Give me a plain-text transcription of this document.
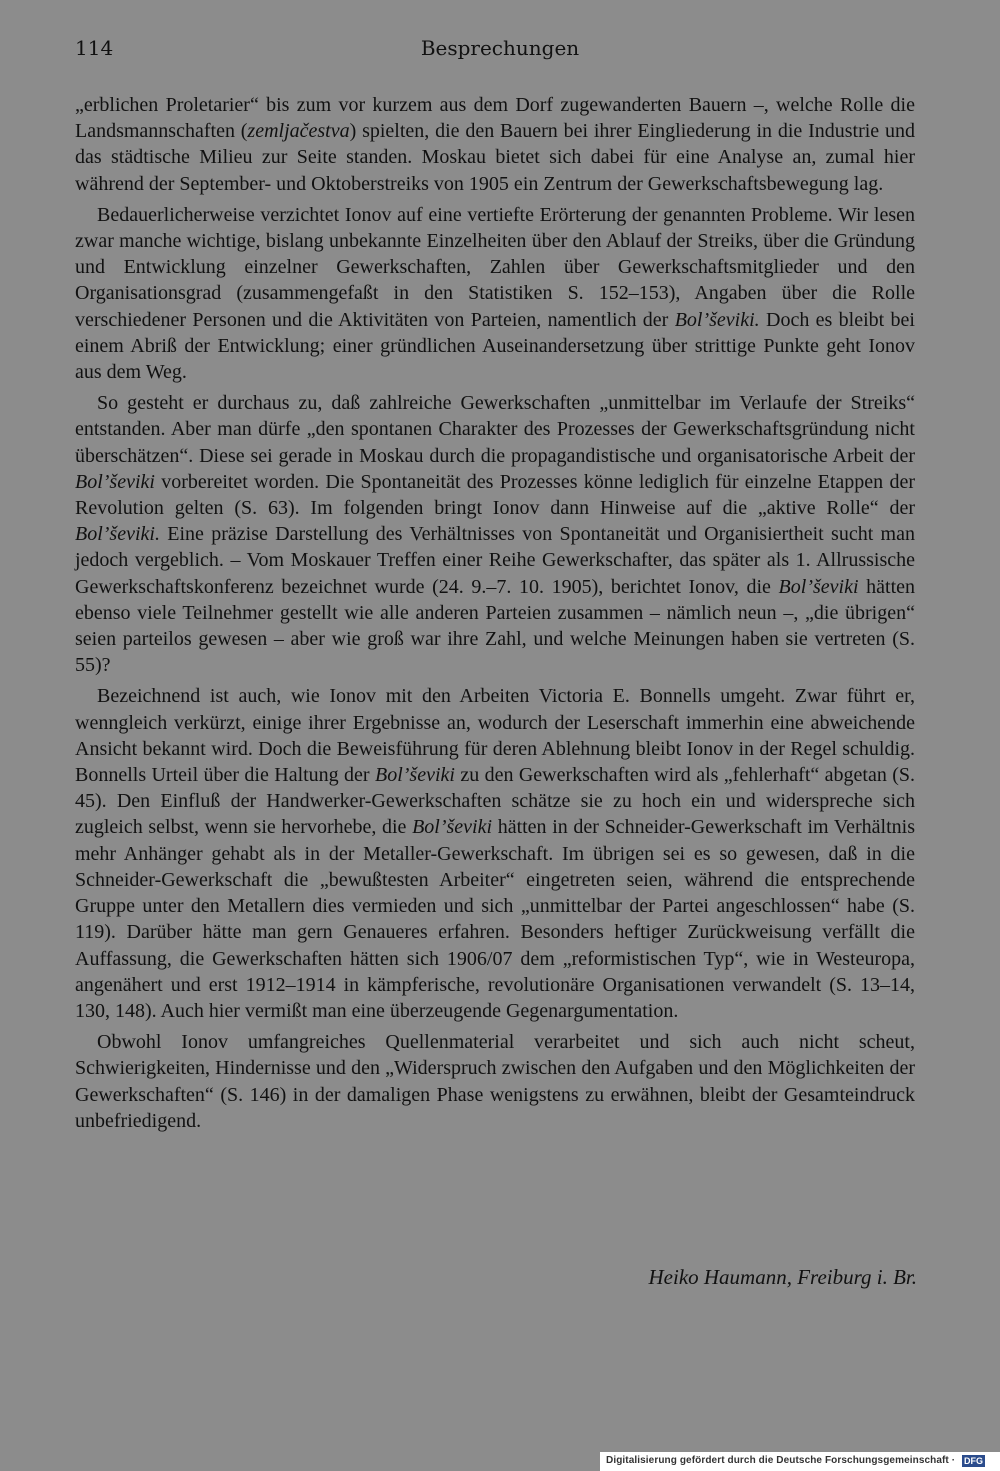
114	Besprechungen

„erblichen Proletarier“ bis zum vor kurzem aus dem Dorf zugewanderten Bauern –, welche Rolle die Landsmannschaften (zemljačestva) spielten, die den Bauern bei ihrer Eingliederung in die Industrie und das städtische Milieu zur Seite standen. Moskau bietet sich dabei für eine Analyse an, zumal hier während der September- und Oktoberstreiks von 1905 ein Zentrum der Gewerkschaftsbewegung lag.

Bedauerlicherweise verzichtet Ionov auf eine vertiefte Erörterung der genannten Probleme. Wir lesen zwar manche wichtige, bislang unbekannte Einzelheiten über den Ablauf der Streiks, über die Gründung und Entwicklung einzelner Gewerkschaften, Zahlen über Gewerkschaftsmitglieder und den Organisationsgrad (zusammengefaßt in den Statistiken S. 152–153), Angaben über die Rolle verschiedener Personen und die Aktivitäten von Parteien, namentlich der Bol’ševiki. Doch es bleibt bei einem Abriß der Entwicklung; einer gründlichen Auseinandersetzung über strittige Punkte geht Ionov aus dem Weg.

So gesteht er durchaus zu, daß zahlreiche Gewerkschaften „unmittelbar im Verlaufe der Streiks“ entstanden. Aber man dürfe „den spontanen Charakter des Prozesses der Gewerkschaftsgründung nicht überschätzen“. Diese sei gerade in Moskau durch die propagandistische und organisatorische Arbeit der Bol’ševiki vorbereitet worden. Die Spontaneität des Prozesses könne lediglich für einzelne Etappen der Revolution gelten (S. 63). Im folgenden bringt Ionov dann Hinweise auf die „aktive Rolle“ der Bol’ševiki. Eine präzise Darstellung des Verhältnisses von Spontaneität und Organisiertheit sucht man jedoch vergeblich. – Vom Moskauer Treffen einer Reihe Gewerkschafter, das später als 1. Allrussische Gewerkschaftskonferenz bezeichnet wurde (24. 9.–7. 10. 1905), berichtet Ionov, die Bol’ševiki hätten ebenso viele Teilnehmer gestellt wie alle anderen Parteien zusammen – nämlich neun –, „die übrigen“ seien parteilos gewesen – aber wie groß war ihre Zahl, und welche Meinungen haben sie vertreten (S. 55)?

Bezeichnend ist auch, wie Ionov mit den Arbeiten Victoria E. Bonnells umgeht. Zwar führt er, wenngleich verkürzt, einige ihrer Ergebnisse an, wodurch der Leserschaft immerhin eine abweichende Ansicht bekannt wird. Doch die Beweisführung für deren Ablehnung bleibt Ionov in der Regel schuldig. Bonnells Urteil über die Haltung der Bol’ševiki zu den Gewerkschaften wird als „fehlerhaft“ abgetan (S. 45). Den Einfluß der Handwerker-Gewerkschaften schätze sie zu hoch ein und widerspreche sich zugleich selbst, wenn sie hervorhebe, die Bol’ševiki hätten in der Schneider-Gewerkschaft im Verhältnis mehr Anhänger gehabt als in der Metaller-Gewerkschaft. Im übrigen sei es so gewesen, daß in die Schneider-Gewerkschaft die „bewußtesten Arbeiter“ eingetreten seien, während die entsprechende Gruppe unter den Metallern dies vermieden und sich „unmittelbar der Partei angeschlossen“ habe (S. 119). Darüber hätte man gern Genaueres erfahren. Besonders heftiger Zurückweisung verfällt die Auffassung, die Gewerkschaften hätten sich 1906/07 dem „reformistischen Typ“, wie in Westeuropa, angenähert und erst 1912–1914 in kämpferische, revolutionäre Organisationen verwandelt (S. 13–14, 130, 148). Auch hier vermißt man eine überzeugende Gegenargumentation.

Obwohl Ionov umfangreiches Quellenmaterial verarbeitet und sich auch nicht scheut, Schwierigkeiten, Hindernisse und den „Widerspruch zwischen den Aufgaben und den Möglichkeiten der Gewerkschaften“ (S. 146) in der damaligen Phase wenigstens zu erwähnen, bleibt der Gesamteindruck unbefriedigend.

Heiko Haumann, Freiburg i. Br.
Digitalisierung gefördert durch die Deutsche Forschungsgemeinschaft · DFG
